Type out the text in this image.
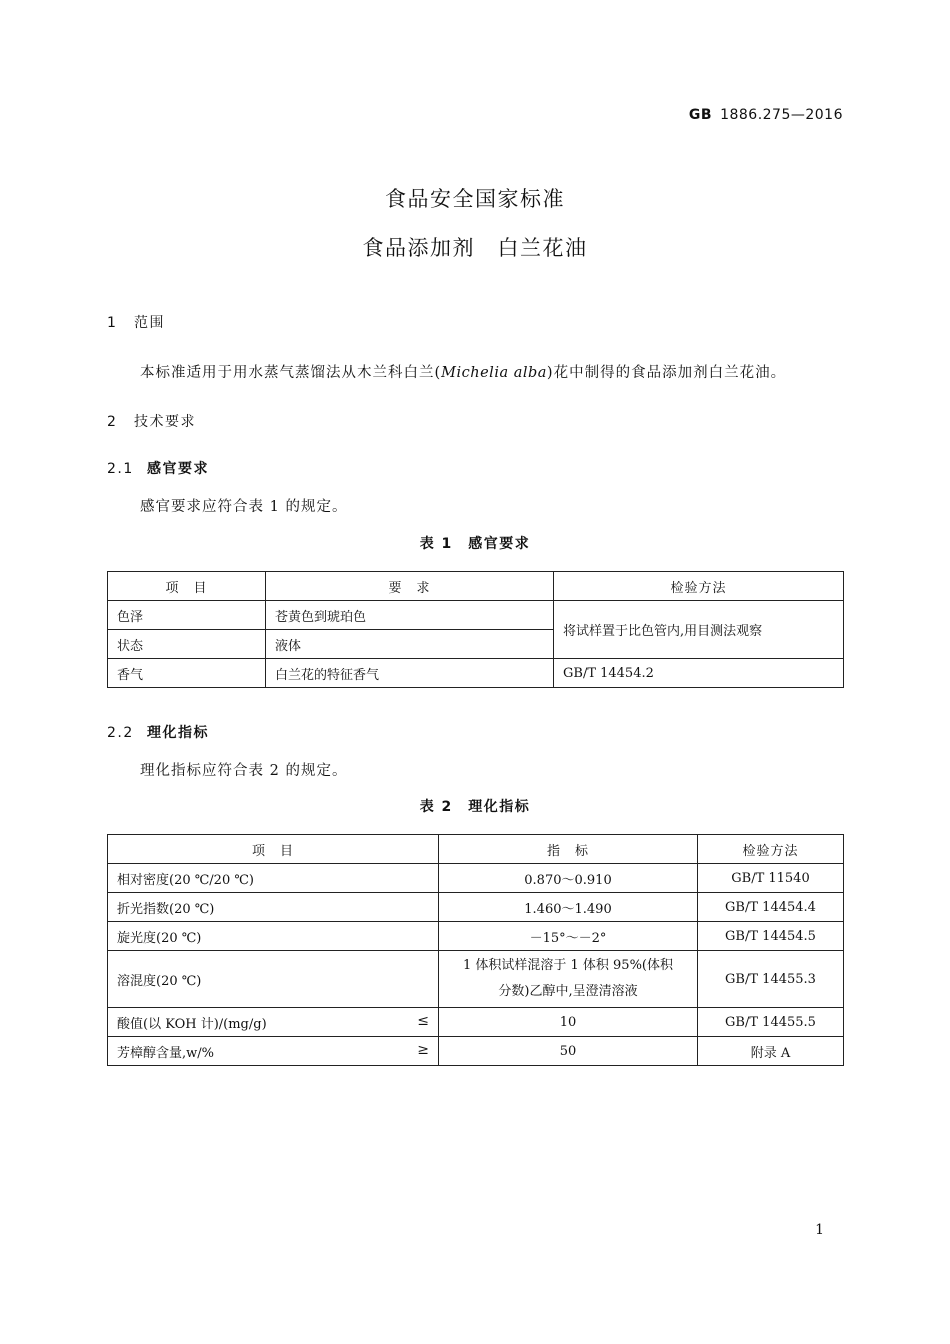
GB 1886.275—2016
食品安全国家标准
食品添加剂　白兰花油
1 范围
本标准适用于用水蒸气蒸馏法从木兰科白兰(Michelia alba)花中制得的食品添加剂白兰花油。
2 技术要求
2.1 感官要求
感官要求应符合表 1 的规定。
表 1　感官要求
项　目	要　求	检验方法
色泽	苍黄色到琥珀色	将试样置于比色管内,用目测法观察
状态	液体	
香气	白兰花的特征香气	GB/T 14454.2
2.2 理化指标
理化指标应符合表 2 的规定。
表 2　理化指标
项　目	指　标	检验方法
相对密度(20 ℃/20 ℃)	0.870～0.910	GB/T 11540
折光指数(20 ℃)	1.460～1.490	GB/T 14454.4
旋光度(20 ℃)	－15°～－2°	GB/T 14454.5
溶混度(20 ℃)	1 体积试样混溶于 1 体积 95%(体积
分数)乙醇中,呈澄清溶液	GB/T 14455.3
酸值(以 KOH 计)/(mg/g) ≤	10	GB/T 14455.5
芳樟醇含量,w/% ≥	50	附录 A
1
